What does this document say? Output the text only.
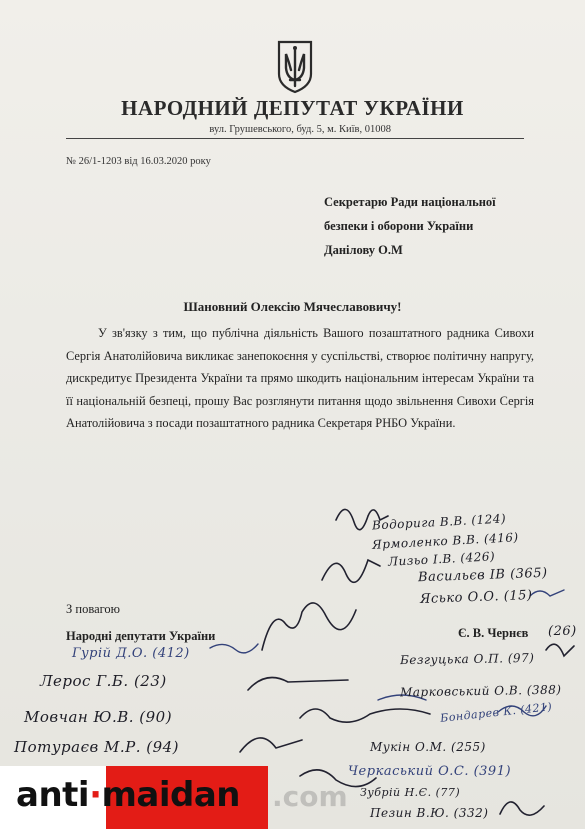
НАРОДНИЙ ДЕПУТАТ УКРАЇНИ
вул. Грушевського, буд. 5, м. Київ, 01008
№ 26/1-1203 від 16.03.2020 року
Секретарю Ради національної
безпеки і оборони України
Данілову О.М
Шановний Олексію Мячеславовичу!
У зв'язку з тим, що публічна діяльність Вашого позаштатного радника Сивохи Сергія Анатолійовича викликає занепокоєння у суспільстві, створює політичну напругу, дискредитує Президента України та прямо шкодить національним інтересам України та її національній безпеці, прошу Вас розглянути питання щодо звільнення Сивохи Сергія Анатолійовича з посади позаштатного радника Секретаря РНБО України.
З повагою
Народні депутати України	Є. В. Чернєв
Водорига В.В. (124)
Ярмоленко В.В. (416)
Лизьо І.В. (426)
Васильєв ІВ (365)
Ясько О.О. (15)
(26)
Гурій Д.О. (412)
Лерос Г.Б. (23)
Безгуцька О.П. (97)
Марковський О.В. (388)
Мовчан Ю.В. (90)	Бондарев К. (421)
Потураєв М.Р. (94)	Мукін О.М. (255)
Черкаський О.С. (391)
Зубрій Н.Є. (77)
Пезин В.Ю. (332)
anti·maidan .com
